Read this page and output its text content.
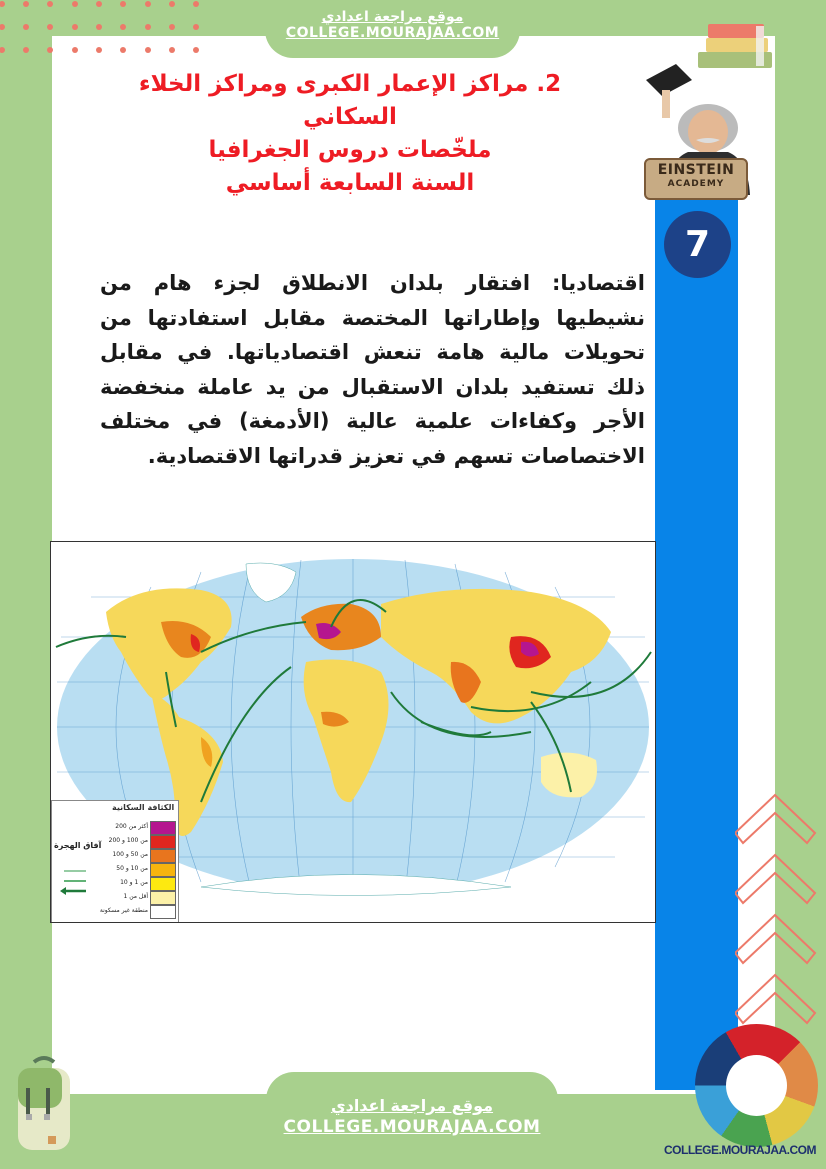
موقع مراجعة اعدادي
COLLEGE.MOURAJAA.COM
2. مراكز الإعمار الكبرى ومراكز الخلاء
السكاني
ملخّصات دروس الجغرافيا
السنة السابعة أساسي	EINSTEIN
ACADEMY
7
اقتصاديا: افتقار بلدان الانطلاق لجزء هام من نشيطيها وإطاراتها المختصة مقابل استفادتها من تحويلات مالية هامة تنعش اقتصادياتها. في مقابل ذلك تستفيد بلدان الاستقبال من يد عاملة منخفضة الأجر وكفاءات علمية عالية (الأدمغة) في مختلف الاختصاصات تسهم في تعزيز قدراتها الاقتصادية.
الكثافة السكانية
آفاق الهجرة
أكثر من 200
من 100 و 200
من 50 و 100
من 10 و 50
من 1 و 10
أقل من 1
منطقة غير مسكونة
موقع مراجعة اعدادي
COLLEGE.MOURAJAA.COM
COLLEGE.MOURAJAA.COM
